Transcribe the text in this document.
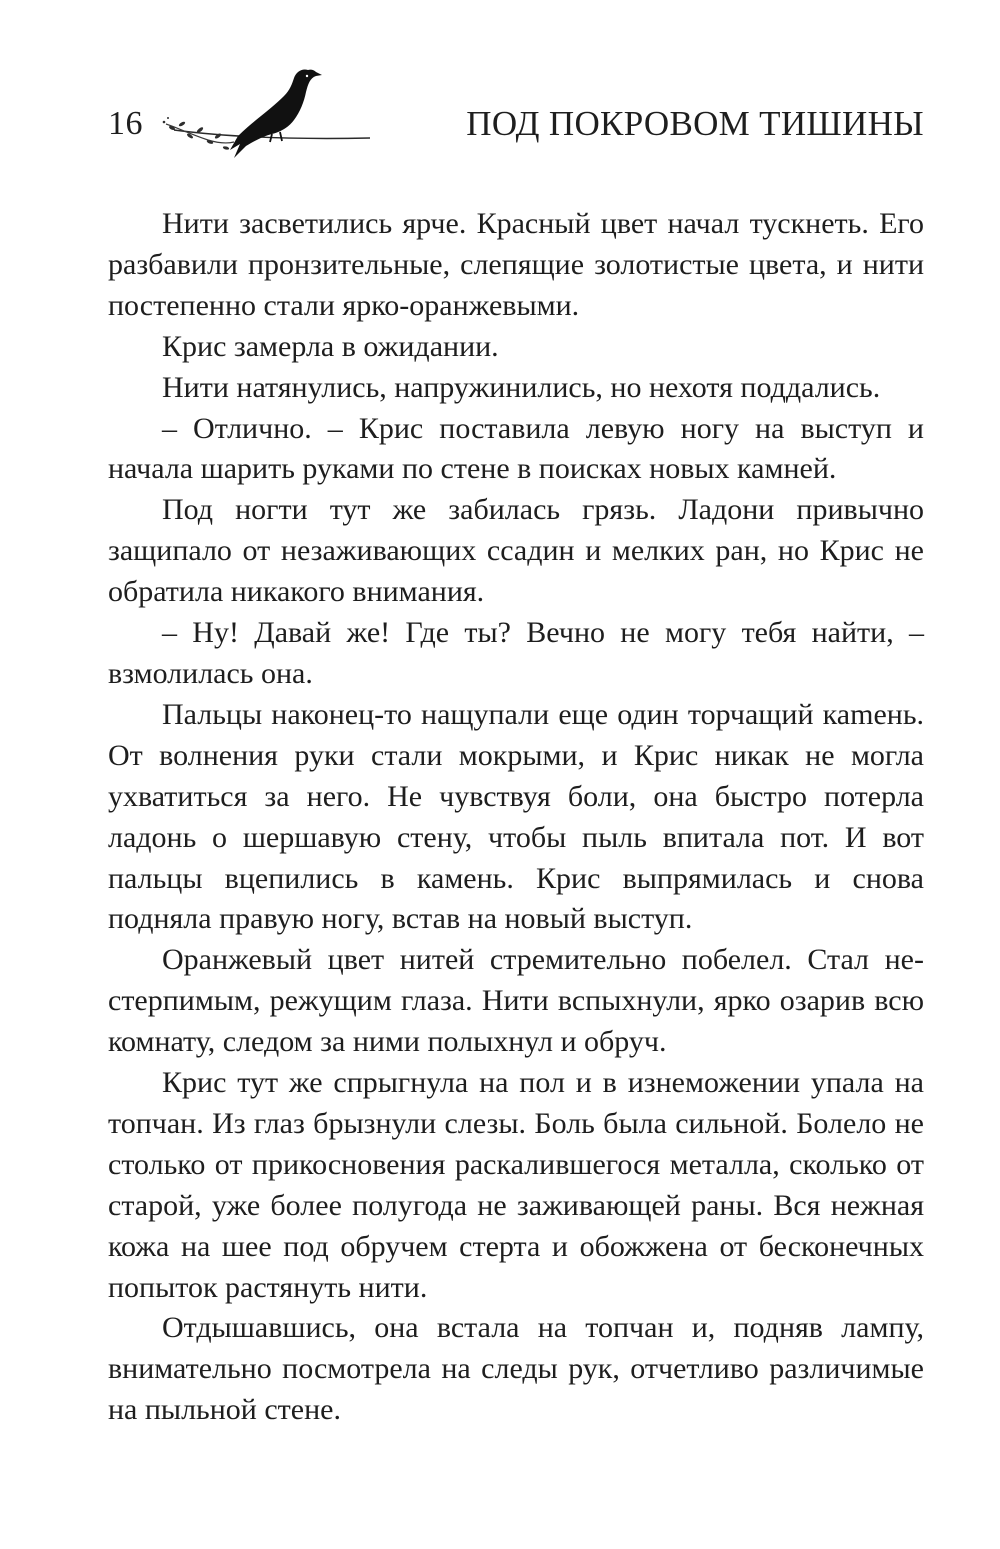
16	ПОД ПОКРОВОМ ТИШИНЫ

Нити засветились ярче. Красный цвет начал тускнеть. Его разбавили пронзительные, слепящие золотистые цвета, и нити постепенно стали ярко-оранжевыми.

Крис замерла в ожидании.

Нити натянулись, напружинились, но нехотя поддались.

– Отлично. – Крис поставила левую ногу на выступ и начала шарить руками по стене в поисках новых камней.

Под ногти тут же забилась грязь. Ладони привычно защипало от незаживающих ссадин и мелких ран, но Крис не обратила никакого внимания.

– Ну! Давай же! Где ты? Вечно не могу тебя найти, – взмолилась она.

Пальцы наконец-то нащупали еще один торчащий каmень. От волнения руки стали мокрыми, и Крис никак не могла ухватиться за него. Не чувствуя боли, она быстро потерла ладонь о шершавую стену, чтобы пыль впитала пот. И вот пальцы вцепились в камень. Крис выпрямилась и снова подняла правую ногу, встав на новый выступ.

Оранжевый цвет нитей стремительно побелел. Стал нестерпимым, режущим глаза. Нити вспыхнули, ярко озарив всю комнату, следом за ними полыхнул и обруч.

Крис тут же спрыгнула на пол и в изнеможении упала на топчан. Из глаз брызнули слезы. Боль была сильной. Болело не столько от прикосновения раскалившегося металла, сколько от старой, уже более полугода не заживающей раны. Вся нежная кожа на шее под обручем стерта и обожжена от бесконечных попыток растянуть нити.

Отдышавшись, она встала на топчан и, подняв лампу, внимательно посмотрела на следы рук, отчетливо различимые на пыльной стене.
